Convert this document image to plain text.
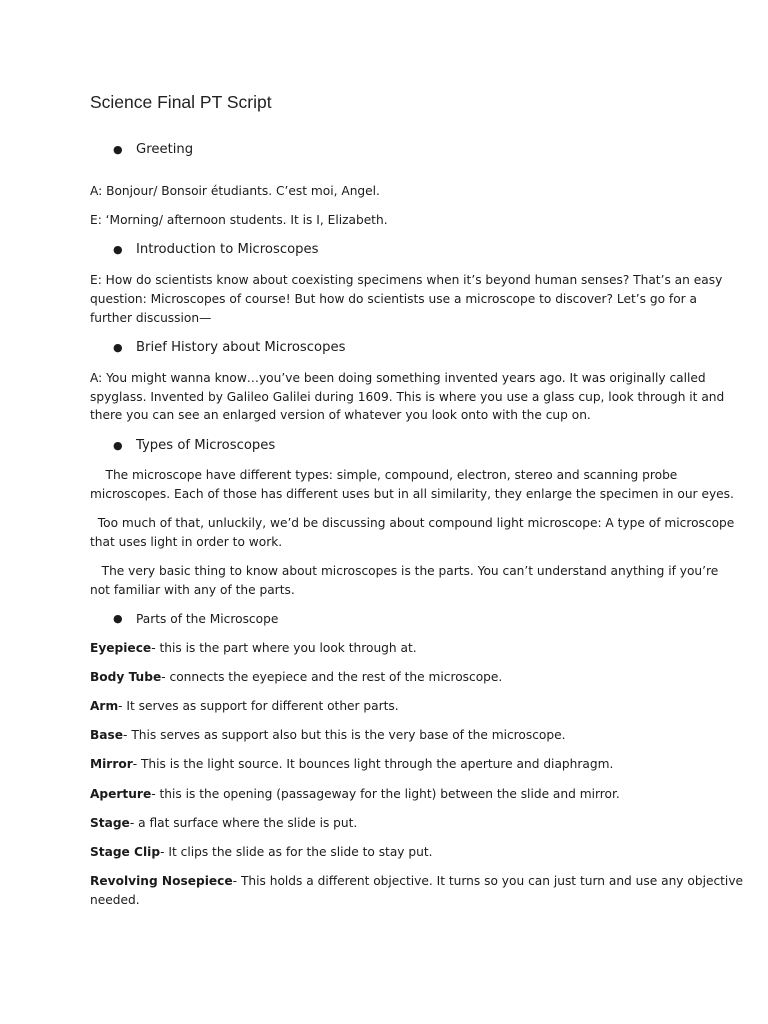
Science Final PT Script
● Greeting

A: Bonjour/ Bonsoir étudiants. C’est moi, Angel.

E: ‘Morning/ afternoon students. It is I, Elizabeth.

● Introduction to Microscopes

E: How do scientists know about coexisting specimens when it’s beyond human senses? That’s an easy

question: Microscopes of course! But how do scientists use a microscope to discover? Let’s go for a

further discussion—

● Brief History about Microscopes

A: You might wanna know…you’ve been doing something invented years ago. It was originally called

spyglass. Invented by Galileo Galilei during 1609. This is where you use a glass cup, look through it and

there you can see an enlarged version of whatever you look onto with the cup on.

● Types of Microscopes

The microscope have different types: simple, compound, electron, stereo and scanning probe

microscopes. Each of those has different uses but in all similarity, they enlarge the specimen in our eyes.

Too much of that, unluckily, we’d be discussing about compound light microscope: A type of microscope

that uses light in order to work.

The very basic thing to know about microscopes is the parts. You can’t understand anything if you’re

not familiar with any of the parts.

● Parts of the Microscope

Eyepiece- this is the part where you look through at.

Body Tube- connects the eyepiece and the rest of the microscope.

Arm- It serves as support for different other parts.

Base- This serves as support also but this is the very base of the microscope.

Mirror- This is the light source. It bounces light through the aperture and diaphragm.

Aperture- this is the opening (passageway for the light) between the slide and mirror.

Stage- a flat surface where the slide is put.

Stage Clip- It clips the slide as for the slide to stay put.

Revolving Nosepiece- This holds a different objective. It turns so you can just turn and use any objective

needed.
